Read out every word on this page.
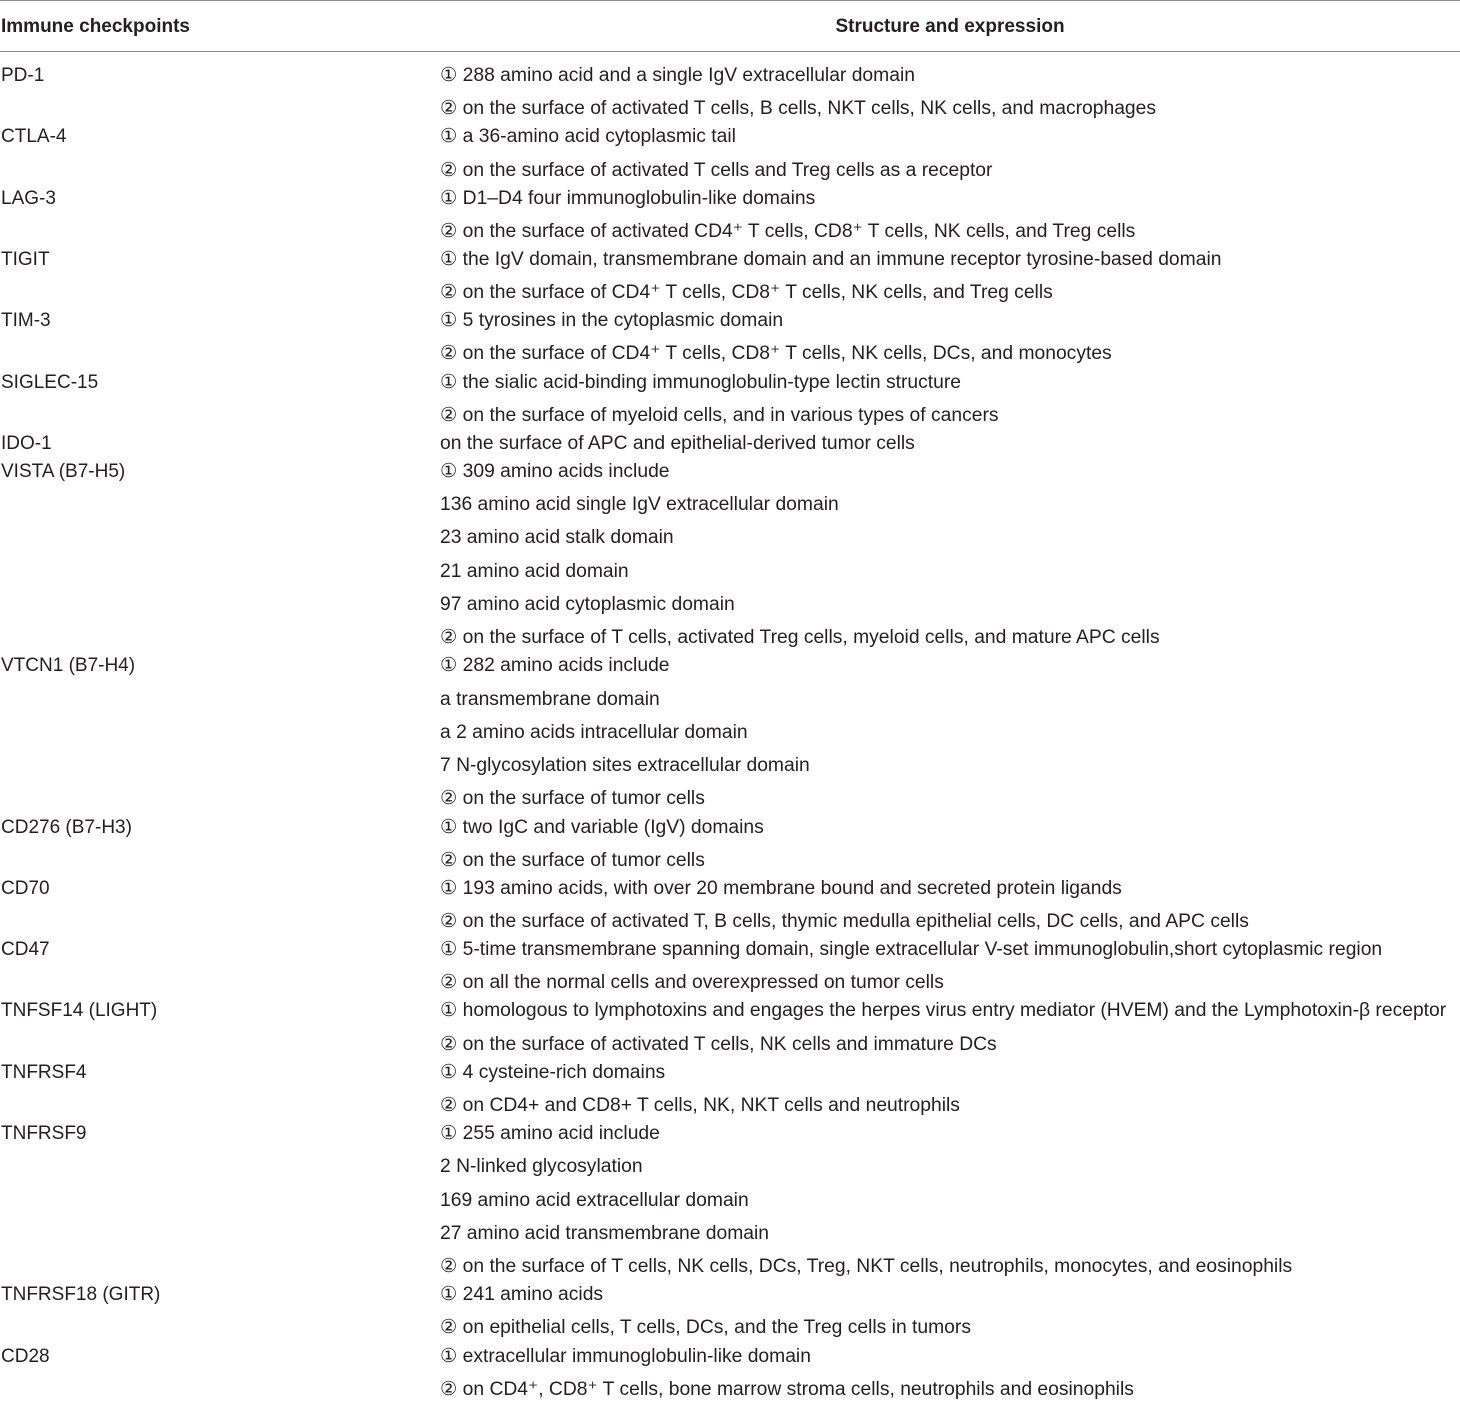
Immune checkpoints	Structure and expression
PD-1	① 288 amino acid and a single IgV extracellular domain
② on the surface of activated T cells, B cells, NKT cells, NK cells, and macrophages
CTLA-4	① a 36-amino acid cytoplasmic tail
② on the surface of activated T cells and Treg cells as a receptor
LAG-3	① D1–D4 four immunoglobulin-like domains
② on the surface of activated CD4⁺ T cells, CD8⁺ T cells, NK cells, and Treg cells
TIGIT	① the IgV domain, transmembrane domain and an immune receptor tyrosine-based domain
② on the surface of CD4⁺ T cells, CD8⁺ T cells, NK cells, and Treg cells
TIM-3	① 5 tyrosines in the cytoplasmic domain
② on the surface of CD4⁺ T cells, CD8⁺ T cells, NK cells, DCs, and monocytes
SIGLEC-15	① the sialic acid-binding immunoglobulin-type lectin structure
② on the surface of myeloid cells, and in various types of cancers
IDO-1	on the surface of APC and epithelial-derived tumor cells
VISTA (B7-H5)	① 309 amino acids include
136 amino acid single IgV extracellular domain
23 amino acid stalk domain
21 amino acid domain
97 amino acid cytoplasmic domain
② on the surface of T cells, activated Treg cells, myeloid cells, and mature APC cells
VTCN1 (B7-H4)	① 282 amino acids include
a transmembrane domain
a 2 amino acids intracellular domain
7 N-glycosylation sites extracellular domain
② on the surface of tumor cells
CD276 (B7-H3)	① two IgC and variable (IgV) domains
② on the surface of tumor cells
CD70	① 193 amino acids, with over 20 membrane bound and secreted protein ligands
② on the surface of activated T, B cells, thymic medulla epithelial cells, DC cells, and APC cells
CD47	① 5-time transmembrane spanning domain, single extracellular V-set immunoglobulin,short cytoplasmic region
② on all the normal cells and overexpressed on tumor cells
TNFSF14 (LIGHT)	① homologous to lymphotoxins and engages the herpes virus entry mediator (HVEM) and the Lymphotoxin-β receptor
② on the surface of activated T cells, NK cells and immature DCs
TNFRSF4	① 4 cysteine-rich domains
② on CD4+ and CD8+ T cells, NK, NKT cells and neutrophils
TNFRSF9	① 255 amino acid include
2 N-linked glycosylation
169 amino acid extracellular domain
27 amino acid transmembrane domain
② on the surface of T cells, NK cells, DCs, Treg, NKT cells, neutrophils, monocytes, and eosinophils
TNFRSF18 (GITR)	① 241 amino acids
② on epithelial cells, T cells, DCs, and the Treg cells in tumors
CD28	① extracellular immunoglobulin-like domain
② on CD4⁺, CD8⁺ T cells, bone marrow stroma cells, neutrophils and eosinophils
